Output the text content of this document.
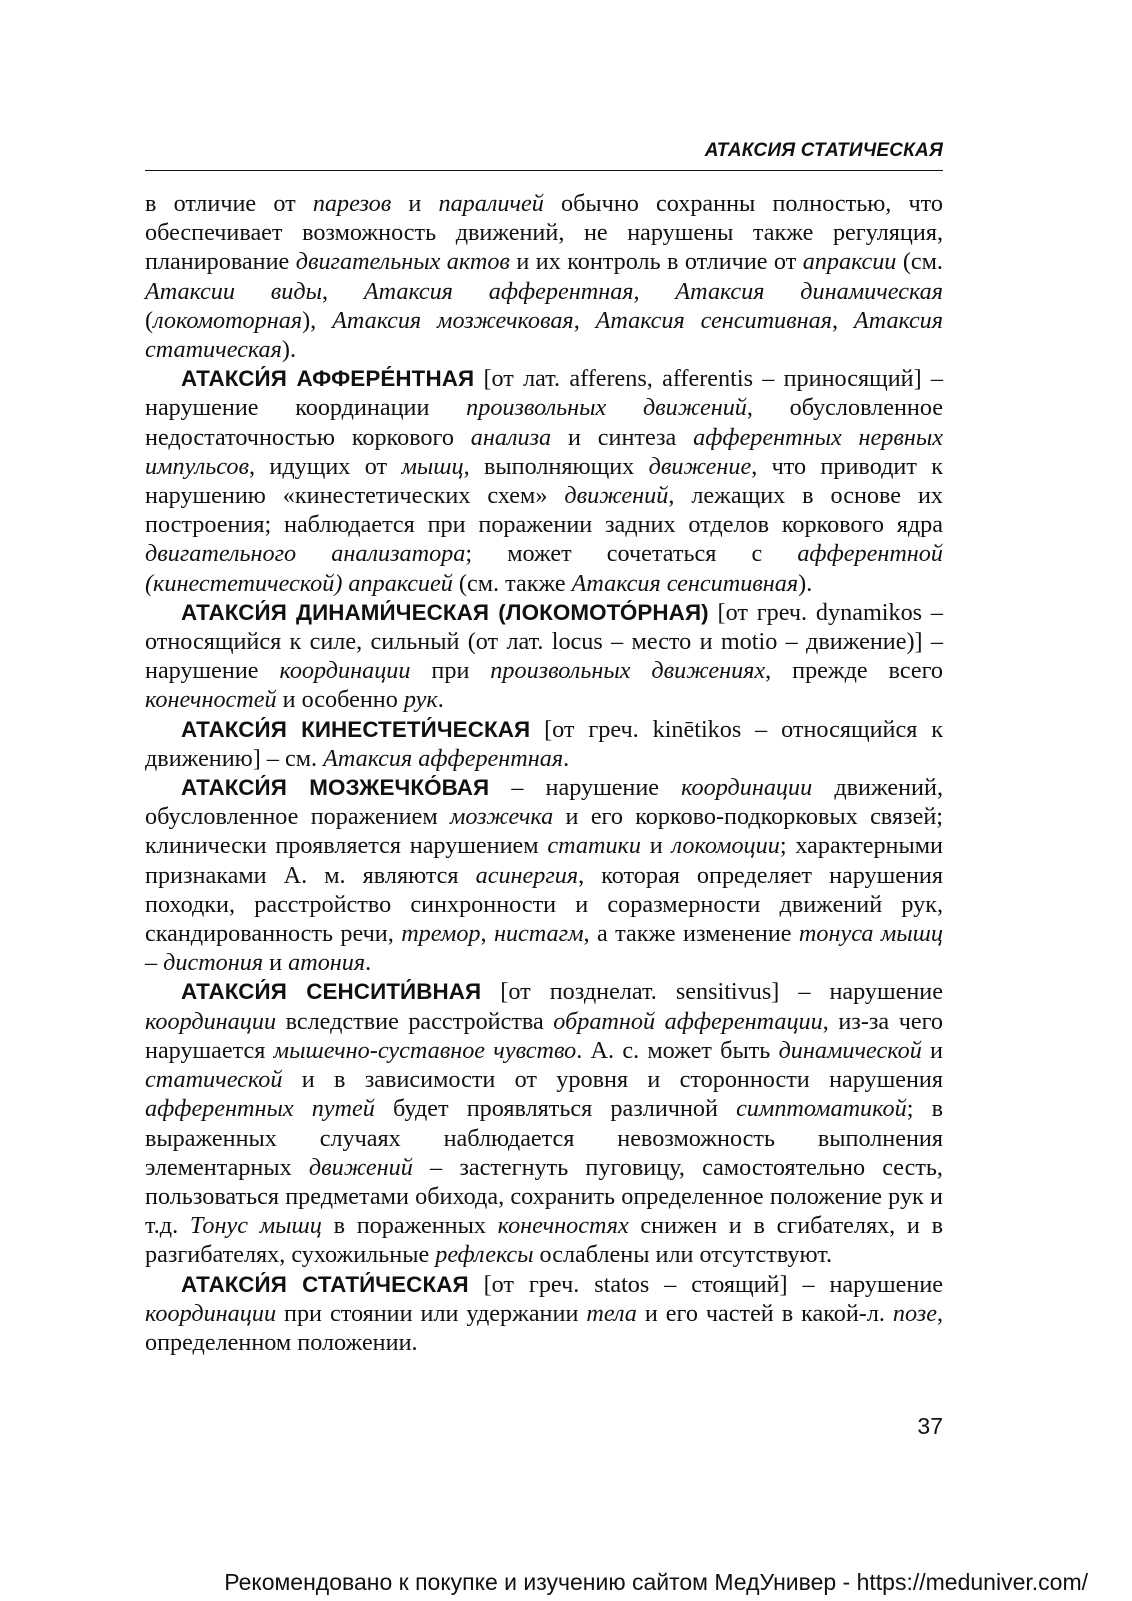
АТАКСИЯ СТАТИЧЕСКАЯ

в отличие от парезов и параличей обычно сохранны полностью, что обеспечивает возможность движений, не нарушены также регуляция, планирование двигательных актов и их контроль в отличие от апраксии (см. Атаксии виды, Атаксия афферентная, Атаксия динамическая (локомоторная), Атаксия мозжечковая, Атаксия сенситивная, Атаксия статическая).

АТАКСИ́Я АФФЕРЕ́НТНАЯ [от лат. afferens, afferentis – приносящий] – нарушение координации произвольных движений, обусловленное недостаточностью коркового анализа и синтеза афферентных нервных импульсов, идущих от мышц, выполняющих движение, что приводит к нарушению «кинестетических схем» движений, лежащих в основе их построения; наблюдается при поражении задних отделов коркового ядра двигательного анализатора; может сочетаться с афферентной (кинестетической) апраксией (см. также Атаксия сенситивная).

АТАКСИ́Я ДИНАМИ́ЧЕСКАЯ (ЛОКОМОТО́РНАЯ) [от греч. dynamikos – относящийся к силе, сильный (от лат. locus – место и motio – движение)] – нарушение координации при произвольных движениях, прежде всего конечностей и особенно рук.

АТАКСИ́Я КИНЕСТЕТИ́ЧЕСКАЯ [от греч. kinētikos – относящийся к движению] – см. Атаксия афферентная.

АТАКСИ́Я МОЗЖЕЧКО́ВАЯ – нарушение координации движений, обусловленное поражением мозжечка и его корково-подкорковых связей; клинически проявляется нарушением статики и локомоции; характерными признаками А. м. являются асинергия, которая определяет нарушения походки, расстройство синхронности и соразмерности движений рук, скандированность речи, тремор, нистагм, а также изменение тонуса мышц – дистония и атония.

АТАКСИ́Я СЕНСИТИ́ВНАЯ [от позднелат. sensitivus] – нарушение координации вследствие расстройства обратной афферентации, из-за чего нарушается мышечно-суставное чувство. А. с. может быть динамической и статической и в зависимости от уровня и сторонности нарушения афферентных путей будет проявляться различной симптоматикой; в выраженных случаях наблюдается невозможность выполнения элементарных движений – застегнуть пуговицу, самостоятельно сесть, пользоваться предметами обихода, сохранить определенное положение рук и т.д. Тонус мышц в пораженных конечностях снижен и в сгибателях, и в разгибателях, сухожильные рефлексы ослаблены или отсутствуют.

АТАКСИ́Я СТАТИ́ЧЕСКАЯ [от греч. statos – стоящий] – нарушение координации при стоянии или удержании тела и его частей в какой-л. позе, определенном положении.

37
Рекомендовано к покупке и изучению сайтом МедУнивер - https://meduniver.com/
